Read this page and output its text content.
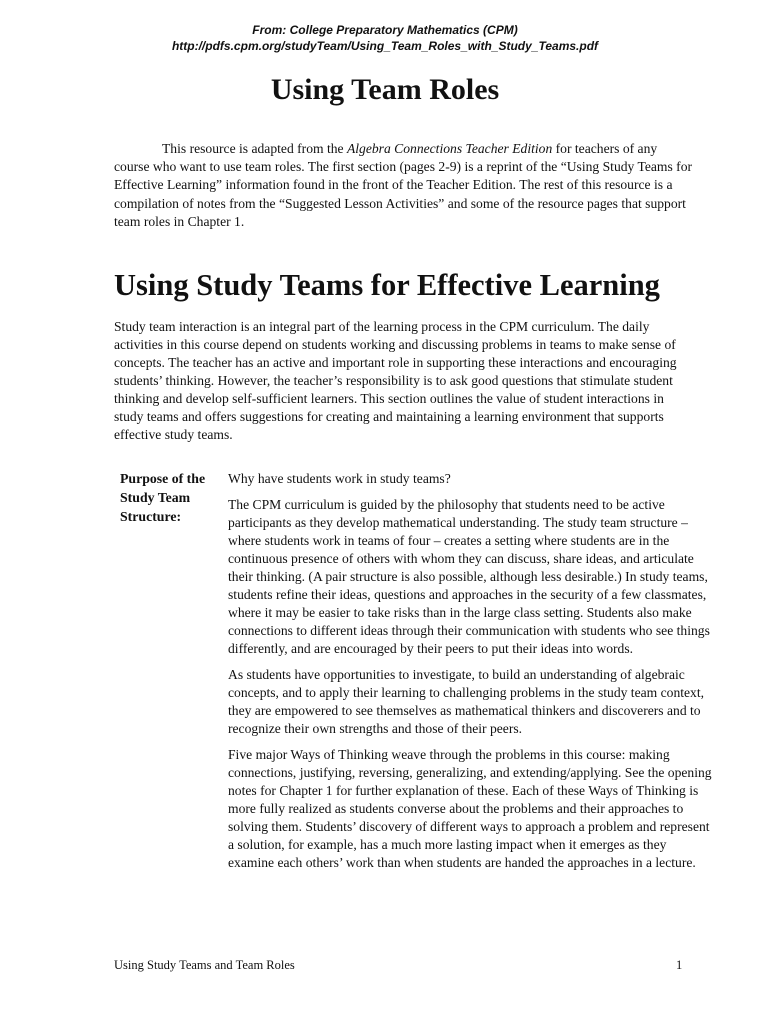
From: College Preparatory Mathematics (CPM)
http://pdfs.cpm.org/studyTeam/Using_Team_Roles_with_Study_Teams.pdf
Using Team Roles

This resource is adapted from the Algebra Connections Teacher Edition for teachers of any course who want to use team roles. The first section (pages 2-9) is a reprint of the “Using Study Teams for Effective Learning” information found in the front of the Teacher Edition. The rest of this resource is a compilation of notes from the “Suggested Lesson Activities” and some of the resource pages that support team roles in Chapter 1.

Using Study Teams for Effective Learning

Study team interaction is an integral part of the learning process in the CPM curriculum. The daily activities in this course depend on students working and discussing problems in teams to make sense of concepts. The teacher has an active and important role in supporting these interactions and encouraging students’ thinking. However, the teacher’s responsibility is to ask good questions that stimulate student thinking and develop self-sufficient learners. This section outlines the value of student interactions in study teams and offers suggestions for creating and maintaining a learning environment that supports effective study teams.

Purpose of the Study Team Structure:

Why have students work in study teams?

The CPM curriculum is guided by the philosophy that students need to be active participants as they develop mathematical understanding. The study team structure – where students work in teams of four – creates a setting where students are in the continuous presence of others with whom they can discuss, share ideas, and articulate their thinking. (A pair structure is also possible, although less desirable.) In study teams, students refine their ideas, questions and approaches in the security of a few classmates, where it may be easier to take risks than in the large class setting. Students also make connections to different ideas through their communication with students who see things differently, and are encouraged by their peers to put their ideas into words.

As students have opportunities to investigate, to build an understanding of algebraic concepts, and to apply their learning to challenging problems in the study team context, they are empowered to see themselves as mathematical thinkers and discoverers and to recognize their own strengths and those of their peers.

Five major Ways of Thinking weave through the problems in this course: making connections, justifying, reversing, generalizing, and extending/applying. See the opening notes for Chapter 1 for further explanation of these. Each of these Ways of Thinking is more fully realized as students converse about the problems and their approaches to solving them. Students’ discovery of different ways to approach a problem and represent a solution, for example, has a much more lasting impact when it emerges as they examine each others’ work than when students are handed the approaches in a lecture.

Using Study Teams and Team Roles	1
